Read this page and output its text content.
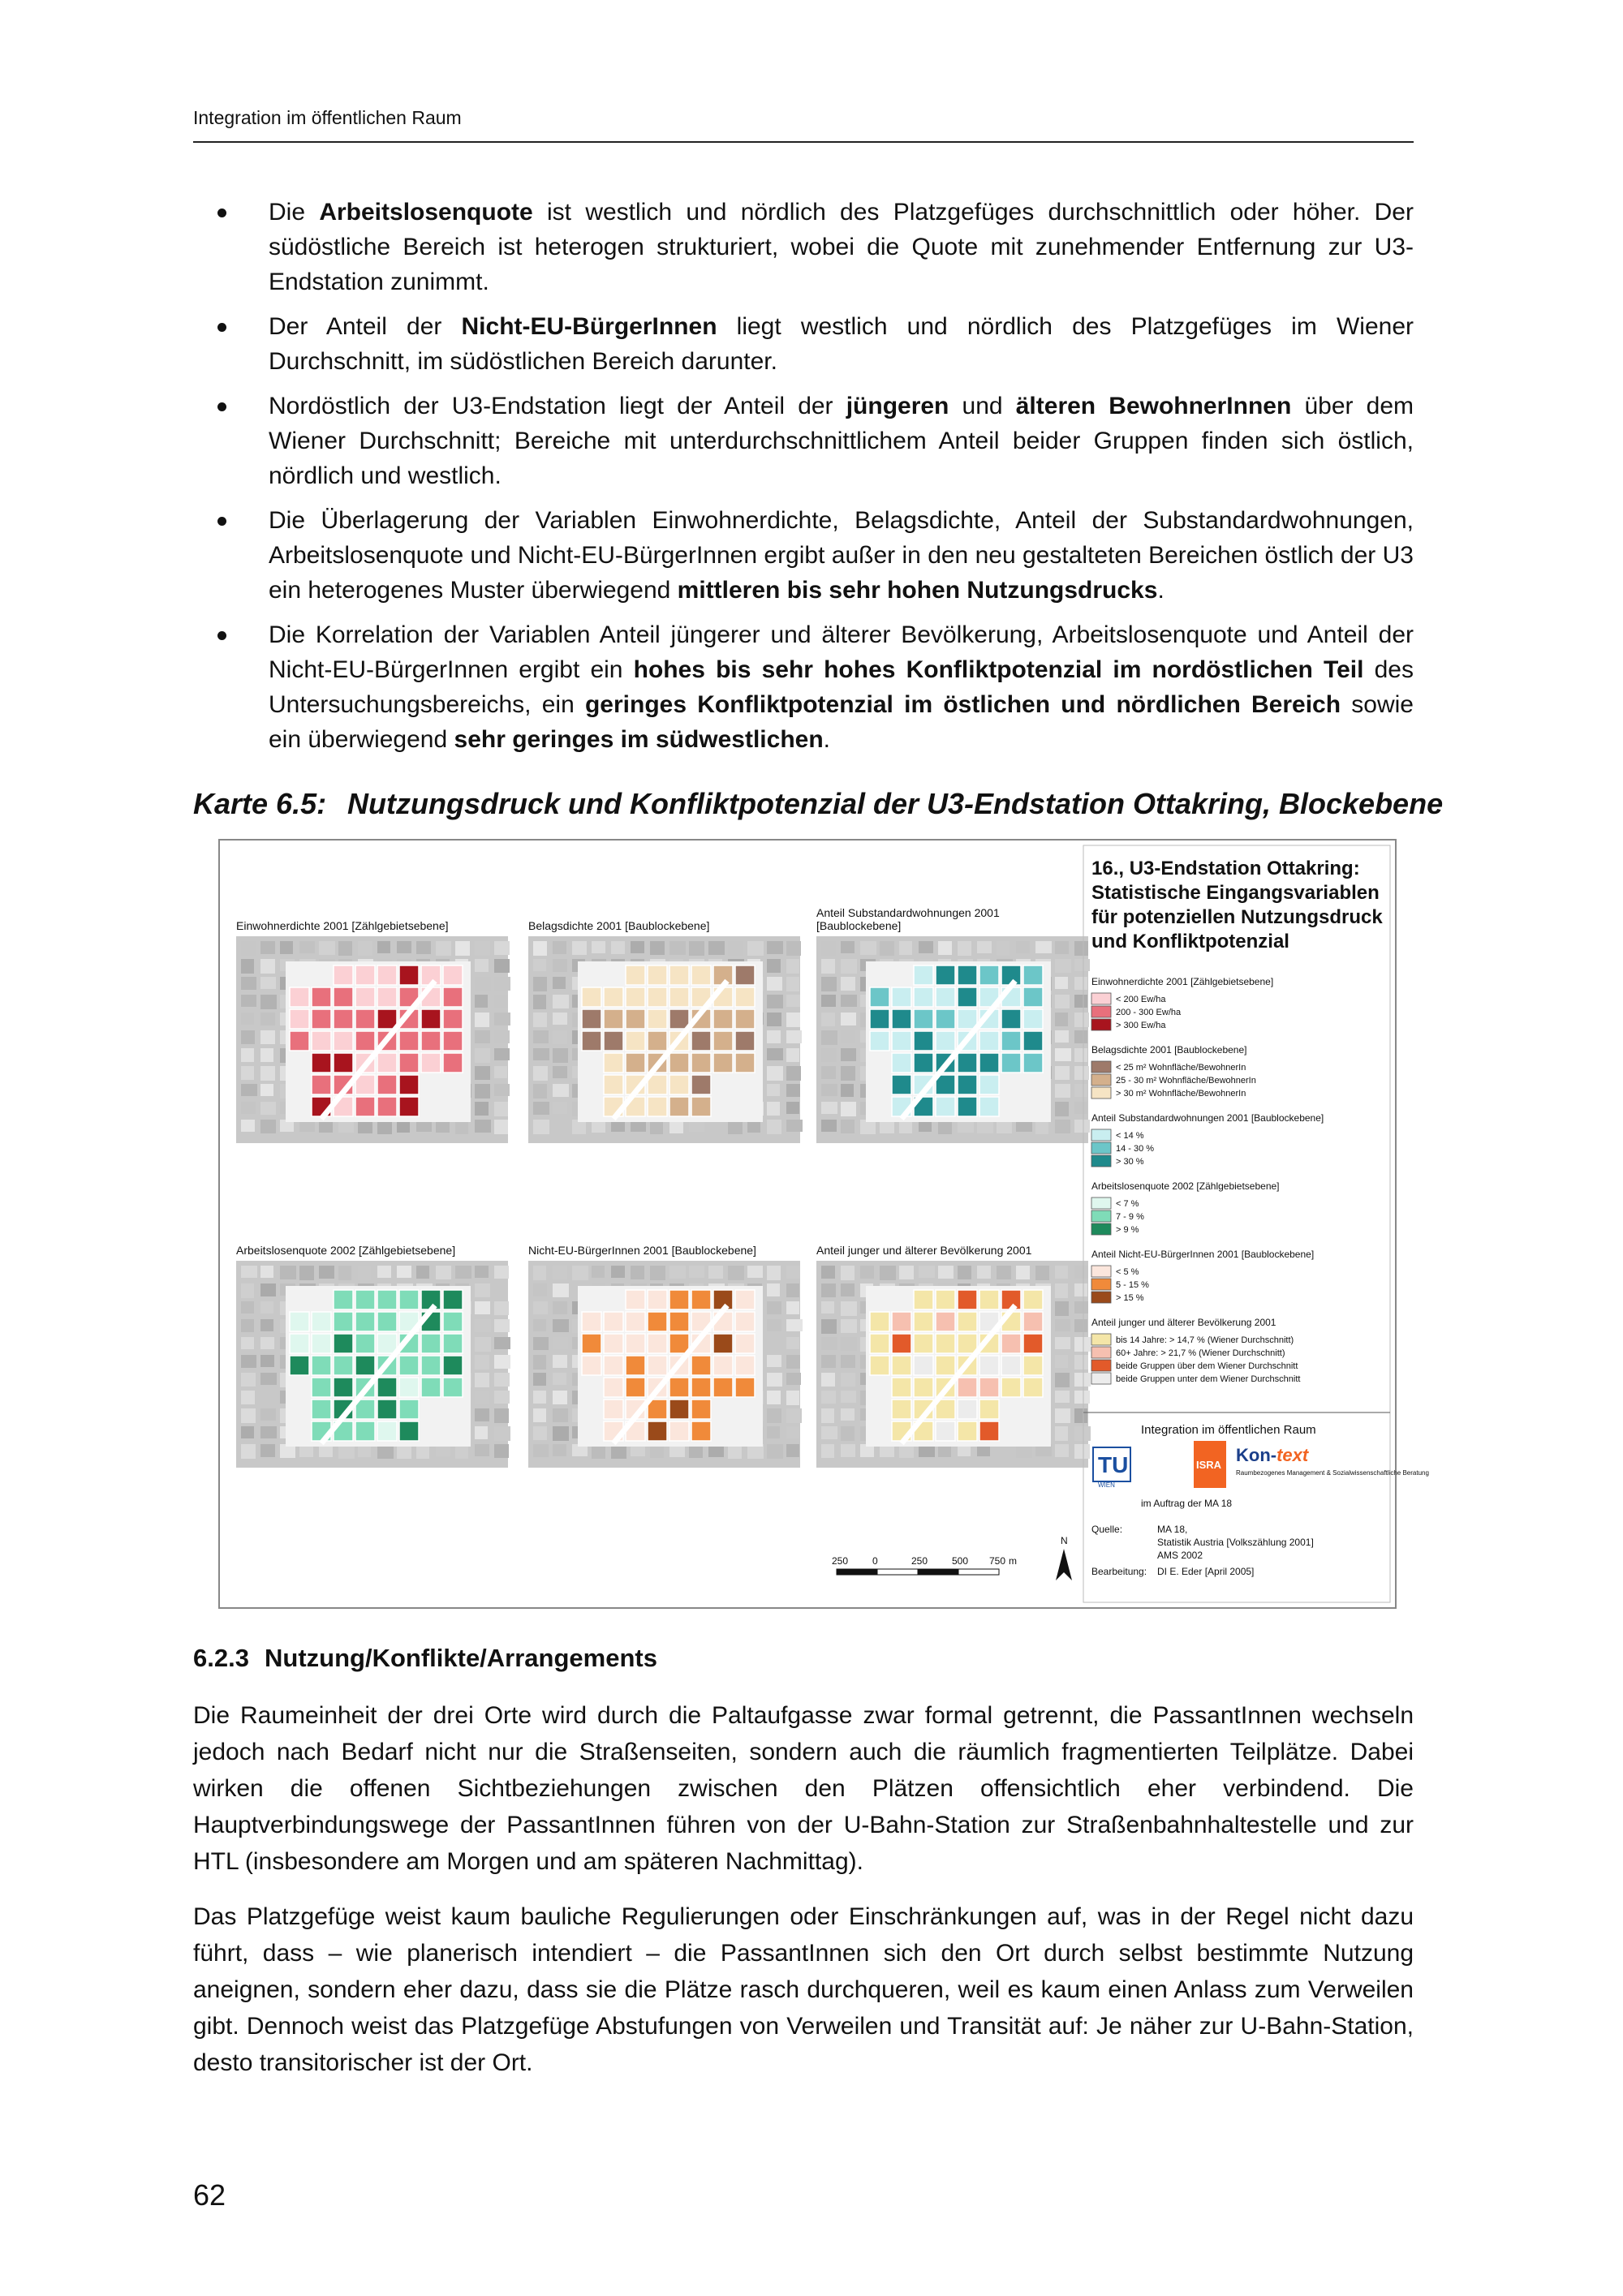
Integration im öffentlichen Raum
Die Arbeitslosenquote ist westlich und nördlich des Platzgefüges durchschnittlich oder höher. Der südöstliche Bereich ist heterogen strukturiert, wobei die Quote mit zunehmender Entfernung zur U3-Endstation zunimmt.
Der Anteil der Nicht-EU-BürgerInnen liegt westlich und nördlich des Platzgefüges im Wiener Durchschnitt, im südöstlichen Bereich darunter.
Nordöstlich der U3-Endstation liegt der Anteil der jüngeren und älteren BewohnerInnen über dem Wiener Durchschnitt; Bereiche mit unterdurchschnittlichem Anteil beider Gruppen finden sich östlich, nördlich und westlich.
Die Überlagerung der Variablen Einwohnerdichte, Belagsdichte, Anteil der Substandardwohnungen, Arbeitslosenquote und Nicht-EU-BürgerInnen ergibt außer in den neu gestalteten Bereichen östlich der U3 ein heterogenes Muster überwiegend mittleren bis sehr hohen Nutzungsdrucks.
Die Korrelation der Variablen Anteil jüngerer und älterer Bevölkerung, Arbeitslosenquote und Anteil der Nicht-EU-BürgerInnen ergibt ein hohes bis sehr hohes Konfliktpotenzial im nordöstlichen Teil des Untersuchungsbereichs, ein geringes Konfliktpotenzial im östlichen und nördlichen Bereich sowie ein überwiegend sehr geringes im südwestlichen.
Karte 6.5: Nutzungsdruck und Konfliktpotenzial der U3-Endstation Ottakring, Blockebene
Einwohnerdichte 2001 [Zählgebietsebene]	Belagsdichte 2001 [Baublockebene]
Anteil Substandardwohnungen 2001
[Baublockebene]
Arbeitslosenquote 2002 [Zählgebietsebene]	Nicht-EU-BürgerInnen 2001 [Baublockebene]	Anteil junger und älterer Bevölkerung 2001
16., U3-Endstation Ottakring:
Statistische Eingangsvariablen
für potenziellen Nutzungsdruck
und Konfliktpotenzial
Einwohnerdichte 2001 [Zählgebietsebene]
< 200 Ew/ha
200 - 300 Ew/ha
> 300 Ew/ha
Belagsdichte 2001 [Baublockebene]
< 25 m² Wohnfläche/BewohnerIn
25 - 30 m² Wohnfläche/BewohnerIn
> 30 m² Wohnfläche/BewohnerIn
Anteil Substandardwohnungen 2001 [Baublockebene]
< 14 %
14 - 30 %
> 30 %
Arbeitslosenquote 2002 [Zählgebietsebene]
< 7 %
7 - 9 %
> 9 %
Anteil Nicht-EU-BürgerInnen 2001 [Baublockebene]
< 5 %
5 - 15 %
> 15 %
Anteil junger und älterer Bevölkerung 2001
bis 14 Jahre: > 14,7 % (Wiener Durchschnitt)
60+ Jahre: > 21,7 % (Wiener Durchschnitt)
beide Gruppen über dem Wiener Durchschnitt
beide Gruppen unter dem Wiener Durchschnitt
Integration im öffentlichen Raum
TU
WIEN
ISRA Kon-text
Raumbezogenes Management & Sozialwissenschaftliche Beratung
im Auftrag der MA 18
Quelle:	MA 18,
Statistik Austria [Volkszählung 2001]
AMS 2002
Bearbeitung: DI E. Eder [April 2005]
250 0	250 500 750 m
N
6.2.3 Nutzung/Konflikte/Arrangements

Die Raumeinheit der drei Orte wird durch die Paltaufgasse zwar formal getrennt, die PassantInnen wechseln jedoch nach Bedarf nicht nur die Straßenseiten, sondern auch die räumlich fragmentierten Teilplätze. Dabei wirken die offenen Sichtbeziehungen zwischen den Plätzen offensichtlich eher verbindend. Die Hauptverbindungswege der PassantInnen führen von der U-Bahn-Station zur Straßenbahnhaltestelle und zur HTL (insbesondere am Morgen und am späteren Nachmittag).

Das Platzgefüge weist kaum bauliche Regulierungen oder Einschränkungen auf, was in der Regel nicht dazu führt, dass – wie planerisch intendiert – die PassantInnen sich den Ort durch selbst bestimmte Nutzung aneignen, sondern eher dazu, dass sie die Plätze rasch durchqueren, weil es kaum einen Anlass zum Verweilen gibt. Dennoch weist das Platzgefüge Abstufungen von Verweilen und Transität auf: Je näher zur U-Bahn-Station, desto transitorischer ist der Ort.

62
